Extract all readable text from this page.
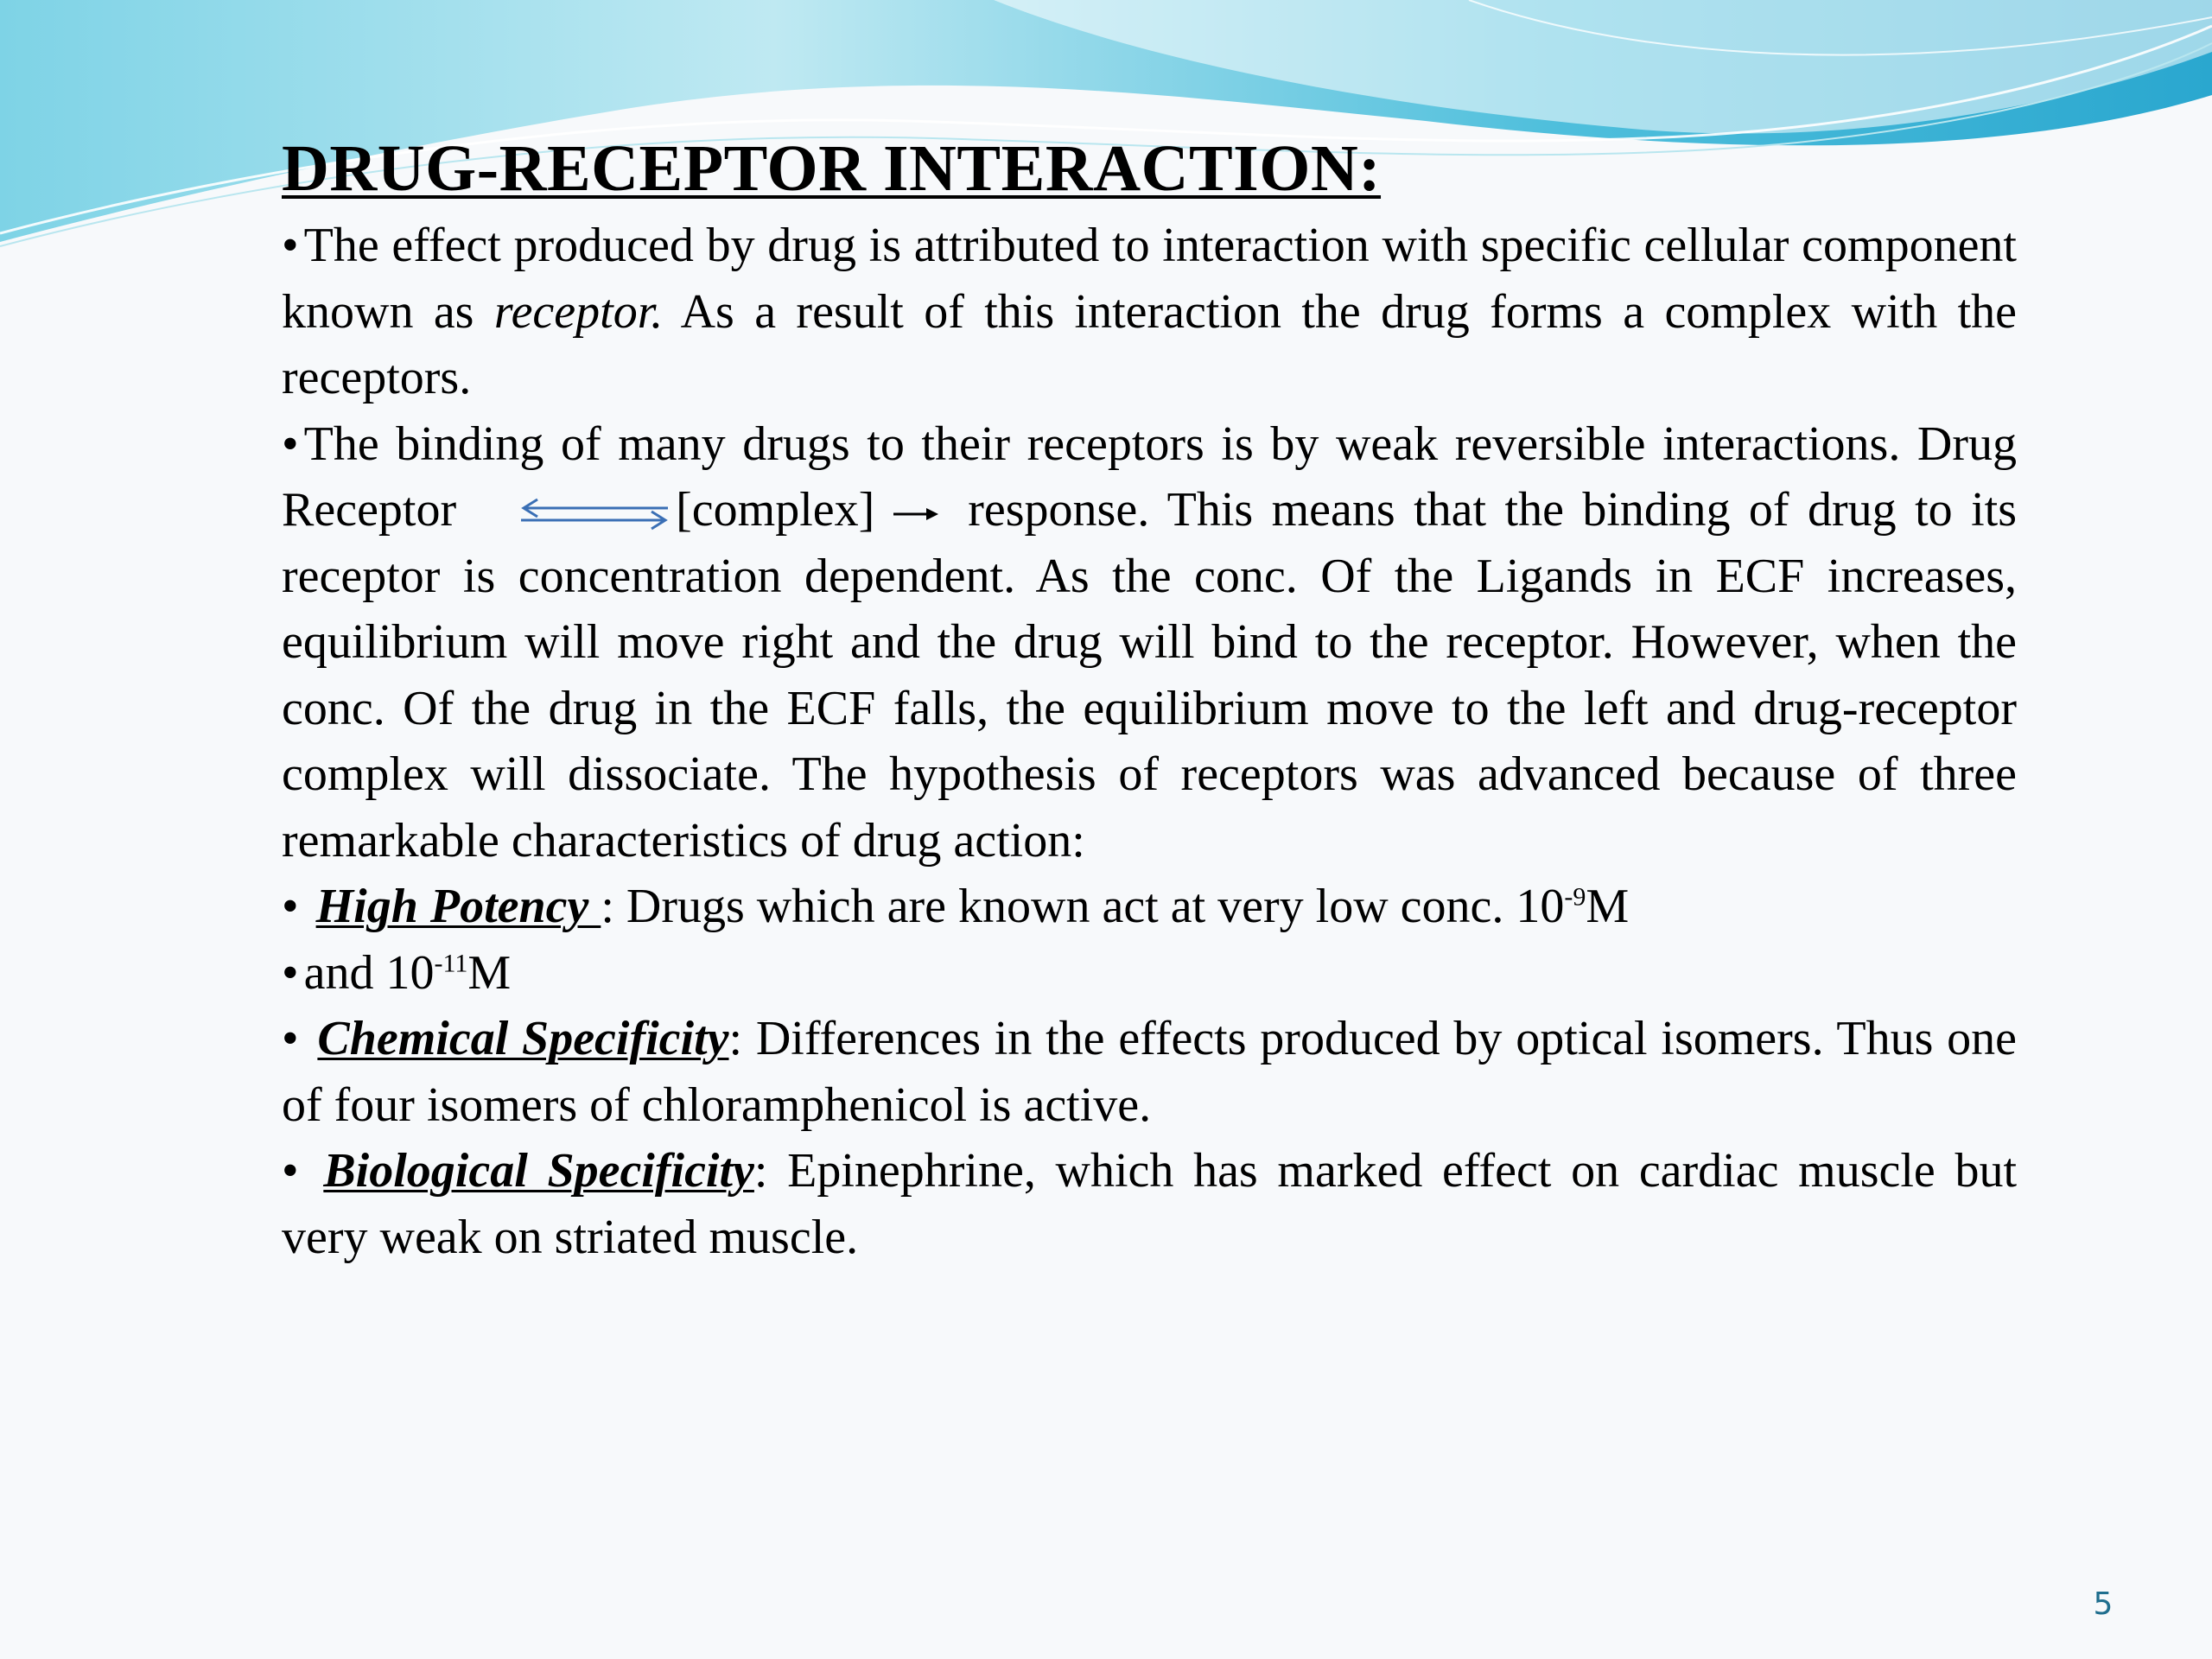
DRUG-RECEPTOR INTERACTION:

• The effect produced by drug is attributed to interaction with specific cellular component known as receptor. As a result of this interaction the drug forms a complex with the receptors.

• The binding of many drugs to their receptors is by weak reversible interactions. Drug Receptor ⇌ [complex] response. This means that the binding of drug to its receptor is concentration dependent. As the conc. Of the Ligands in ECF increases, equilibrium will move right and the drug will bind to the receptor. However, when the conc. Of the drug in the ECF falls, the equilibrium move to the left and drug-receptor complex will dissociate. The hypothesis of receptors was advanced because of three remarkable characteristics of drug action:

• High Potency : Drugs which are known act at very low conc. $10^{-9}M$

• and $10^{-11}M$

• Chemical Specificity: Differences in the effects produced by optical isomers. Thus one of four isomers of chloramphenicol is active.

• Biological Specificity: Epinephrine, which has marked effect on cardiac muscle but very weak on striated muscle.

5
